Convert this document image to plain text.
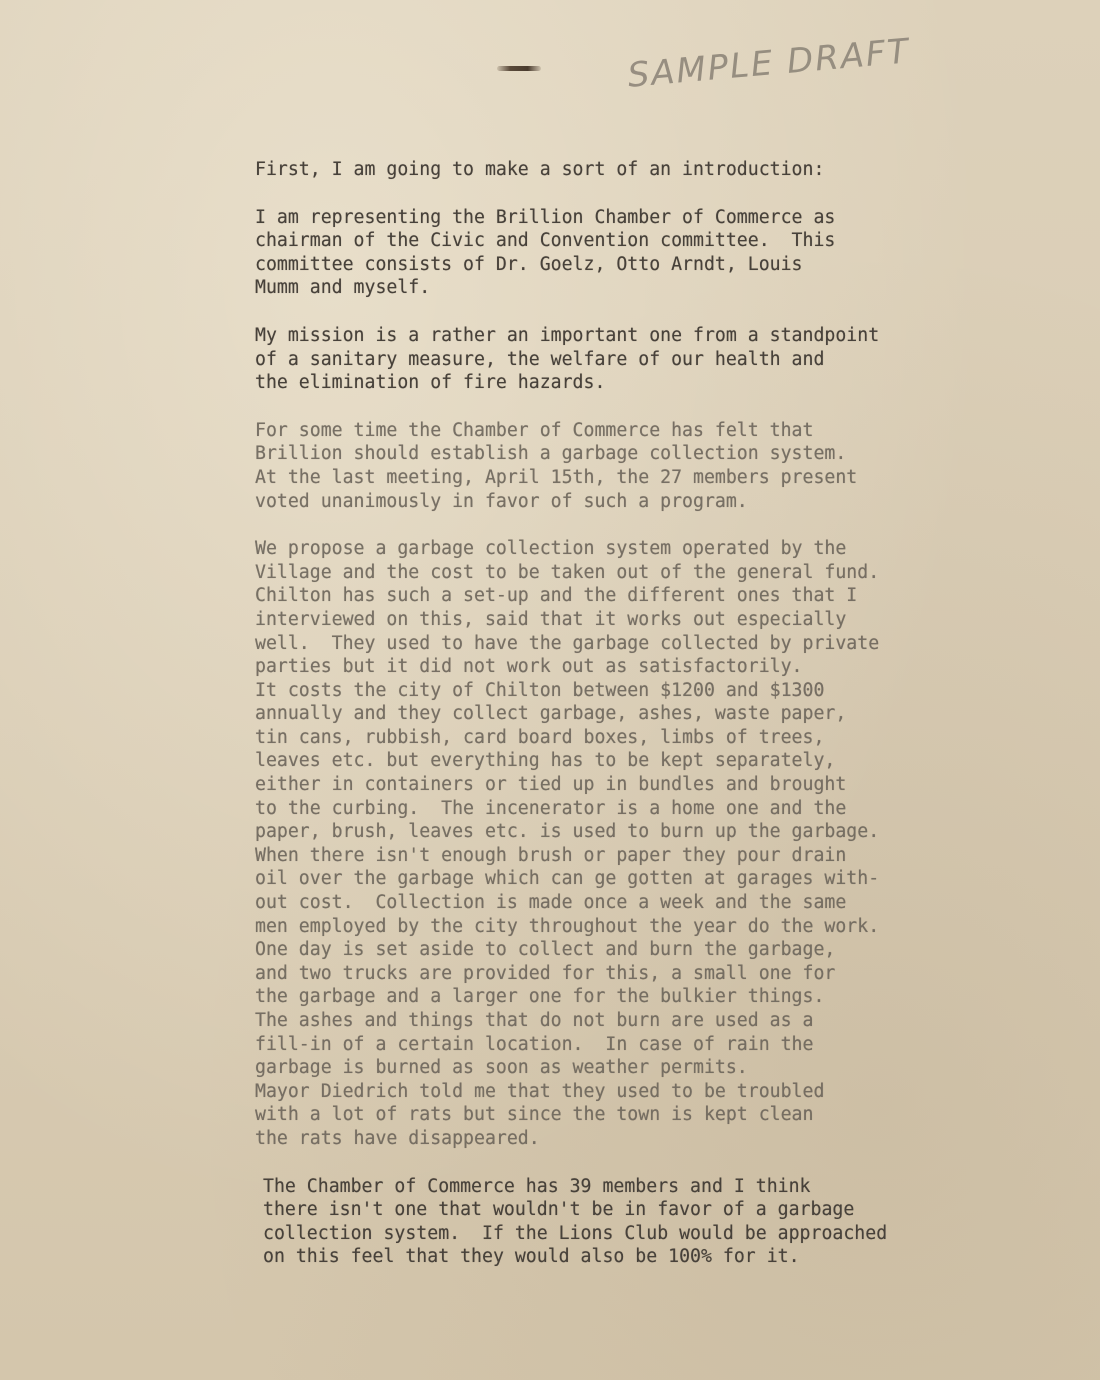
SAMPLE DRAFT
First, I am going to make a sort of an introduction:
I am representing the Brillion Chamber of Commerce as
chairman of the Civic and Convention committee.  This
committee consists of Dr. Goelz, Otto Arndt, Louis
Mumm and myself.
My mission is a rather an important one from a standpoint
of a sanitary measure, the welfare of our health and
the elimination of fire hazards.
For some time the Chamber of Commerce has felt that
Brillion should establish a garbage collection system.
At the last meeting, April 15th, the 27 members present
voted unanimously in favor of such a program.
We propose a garbage collection system operated by the
Village and the cost to be taken out of the general fund.
Chilton has such a set-up and the different ones that I
interviewed on this, said that it works out especially
well.  They used to have the garbage collected by private
parties but it did not work out as satisfactorily.
It costs the city of Chilton between $1200 and $1300
annually and they collect garbage, ashes, waste paper,
tin cans, rubbish, card board boxes, limbs of trees,
leaves etc. but everything has to be kept separately,
either in containers or tied up in bundles and brought
to the curbing.  The incenerator is a home one and the
paper, brush, leaves etc. is used to burn up the garbage.
When there isn't enough brush or paper they pour drain
oil over the garbage which can ge gotten at garages with-
out cost.  Collection is made once a week and the same
men employed by the city throughout the year do the work.
One day is set aside to collect and burn the garbage,
and two trucks are provided for this, a small one for
the garbage and a larger one for the bulkier things.
The ashes and things that do not burn are used as a
fill-in of a certain location.  In case of rain the
garbage is burned as soon as weather permits.
Mayor Diedrich told me that they used to be troubled
with a lot of rats but since the town is kept clean
the rats have disappeared.
The Chamber of Commerce has 39 members and I think
there isn't one that wouldn't be in favor of a garbage
collection system.  If the Lions Club would be approached
on this feel that they would also be 100% for it.
